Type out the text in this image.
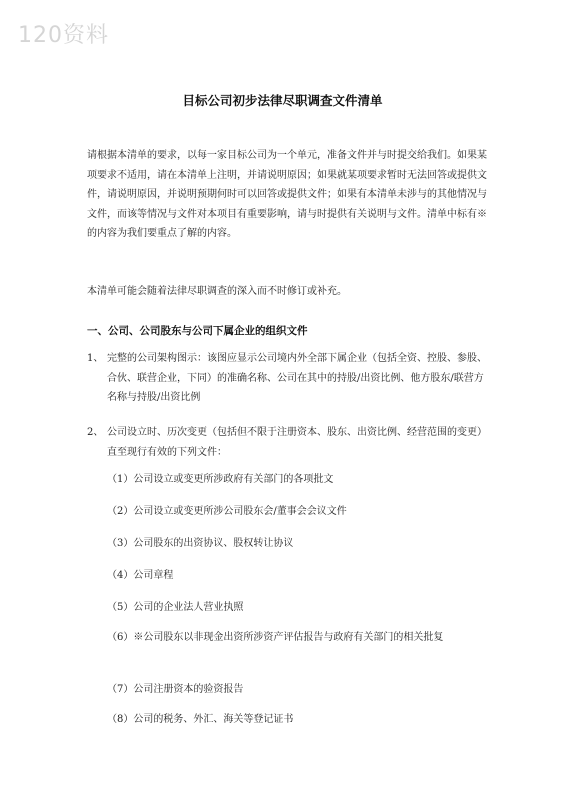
120资料
目标公司初步法律尽职调查文件清单
请根据本清单的要求，以每一家目标公司为一个单元，准备文件并与时提交给我们。如果某项要求不适用，请在本清单上注明，并请说明原因；如果就某项要求暂时无法回答或提供文件，请说明原因，并说明预期何时可以回答或提供文件；如果有本清单未涉与的其他情况与文件，而该等情况与文件对本项目有重要影响，请与时提供有关说明与文件。清单中标有※的内容为我们要重点了解的内容。
本清单可能会随着法律尽职调查的深入而不时修订或补充。
一、公司、公司股东与公司下属企业的组织文件
1、 完整的公司架构图示：该图应显示公司境内外全部下属企业（包括全资、控股、参股、合伙、联营企业，下同）的准确名称、公司在其中的持股/出资比例、他方股东/联营方名称与持股/出资比例
2、 公司设立时、历次变更（包括但不限于注册资本、股东、出资比例、经营范围的变更）直至现行有效的下列文件：
（1）公司设立或变更所涉政府有关部门的各项批文
（2）公司设立或变更所涉公司股东会/董事会会议文件
（3）公司股东的出资协议、股权转让协议
（4）公司章程
（5）公司的企业法人营业执照
（6）※公司股东以非现金出资所涉资产评估报告与政府有关部门的相关批复
（7）公司注册资本的验资报告
（8）公司的税务、外汇、海关等登记证书
